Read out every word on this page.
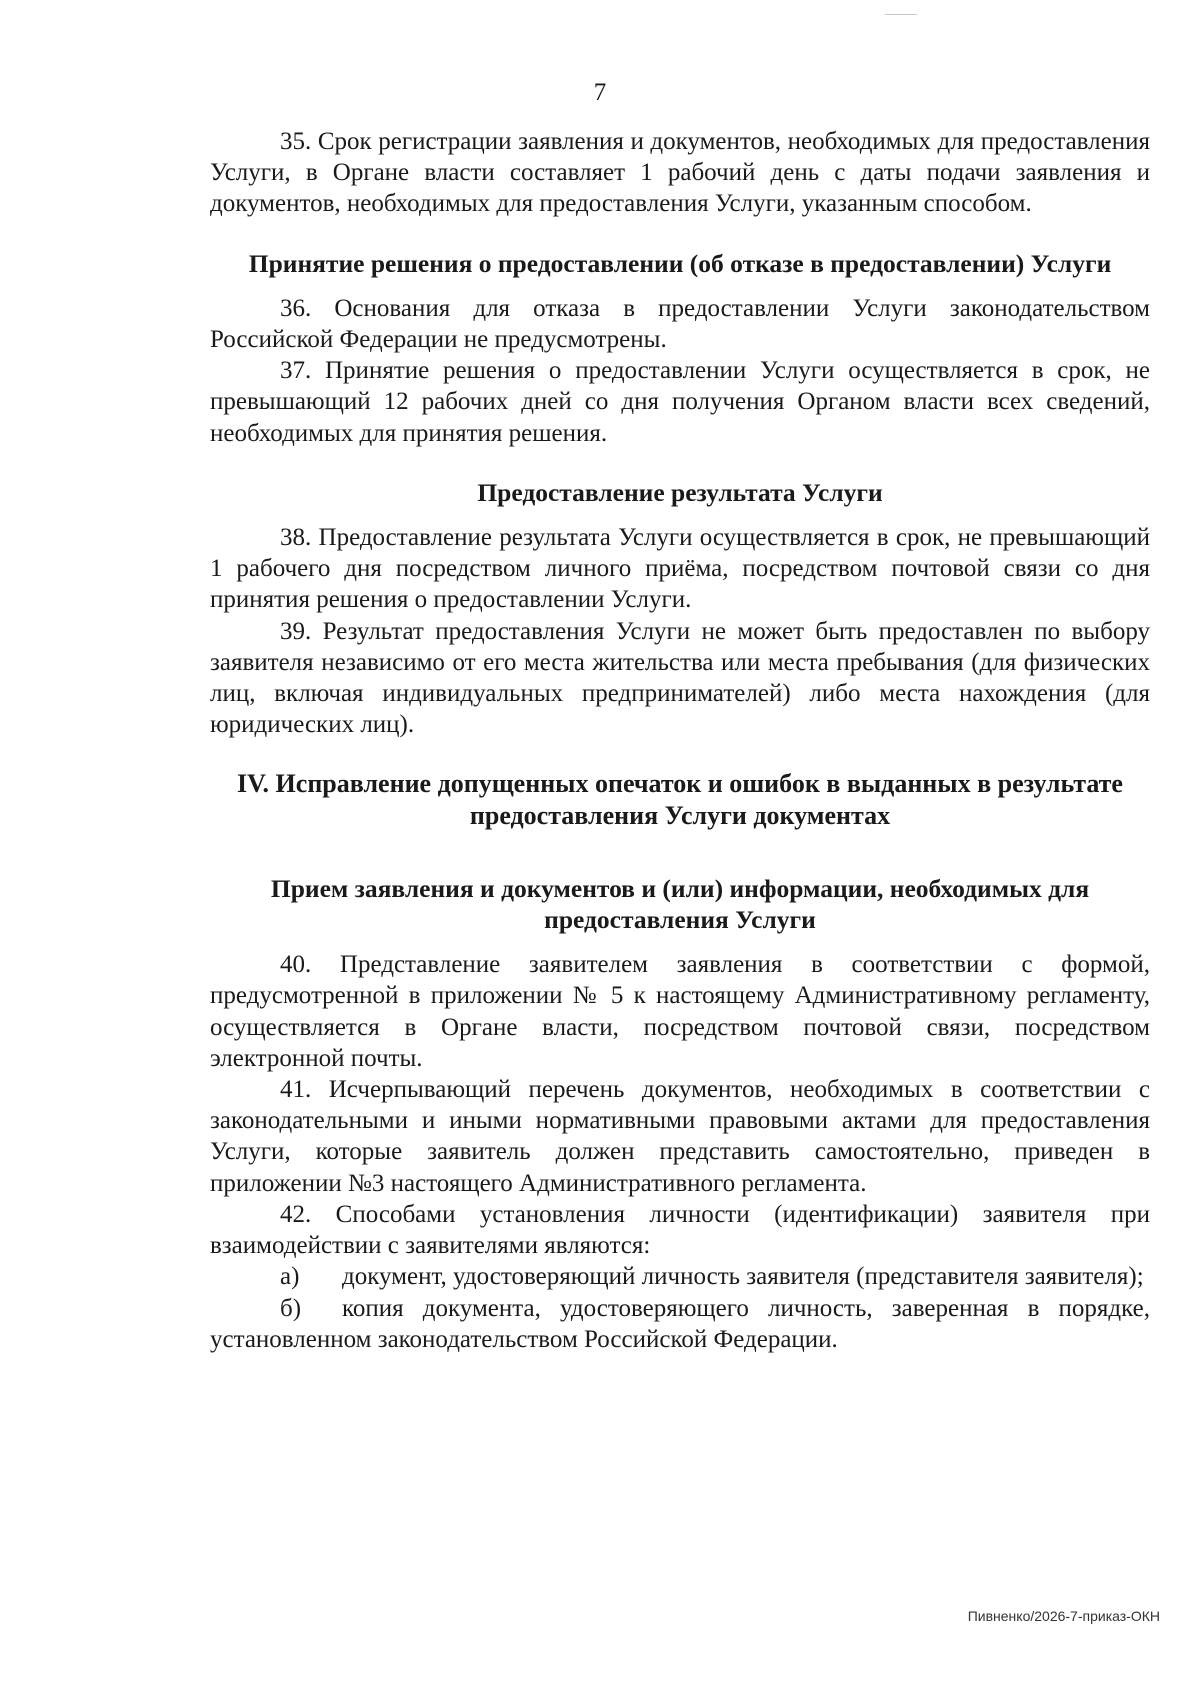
7

35. Срок регистрации заявления и документов, необходимых для предоставления Услуги, в Органе власти составляет 1 рабочий день с даты подачи заявления и документов, необходимых для предоставления Услуги, указанным способом.

Принятие решения о предоставлении (об отказе в предоставлении) Услуги

36. Основания для отказа в предоставлении Услуги законодательством Российской Федерации не предусмотрены.

37. Принятие решения о предоставлении Услуги осуществляется в срок, не превышающий 12 рабочих дней со дня получения Органом власти всех сведений, необходимых для принятия решения.

Предоставление результата Услуги

38. Предоставление результата Услуги осуществляется в срок, не превышающий 1 рабочего дня посредством личного приёма, посредством почтовой связи со дня принятия решения о предоставлении Услуги.

39. Результат предоставления Услуги не может быть предоставлен по выбору заявителя независимо от его места жительства или места пребывания (для физических лиц, включая индивидуальных предпринимателей) либо места нахождения (для юридических лиц).

IV. Исправление допущенных опечаток и ошибок в выданных в результате предоставления Услуги документах

Прием заявления и документов и (или) информации, необходимых для предоставления Услуги

40. Представление заявителем заявления в соответствии с формой, предусмотренной в приложении № 5 к настоящему Административному регламенту, осуществляется в Органе власти, посредством почтовой связи, посредством электронной почты.

41. Исчерпывающий перечень документов, необходимых в соответствии с законодательными и иными нормативными правовыми актами для предоставления Услуги, которые заявитель должен представить самостоятельно, приведен в приложении №3 настоящего Административного регламента.

42. Способами установления личности (идентификации) заявителя при взаимодействии с заявителями являются:

а) документ, удостоверяющий личность заявителя (представителя заявителя);

б) копия документа, удостоверяющего личность, заверенная в порядке, установленном законодательством Российской Федерации.

Пивненко/2026-7-приказ-ОКН
